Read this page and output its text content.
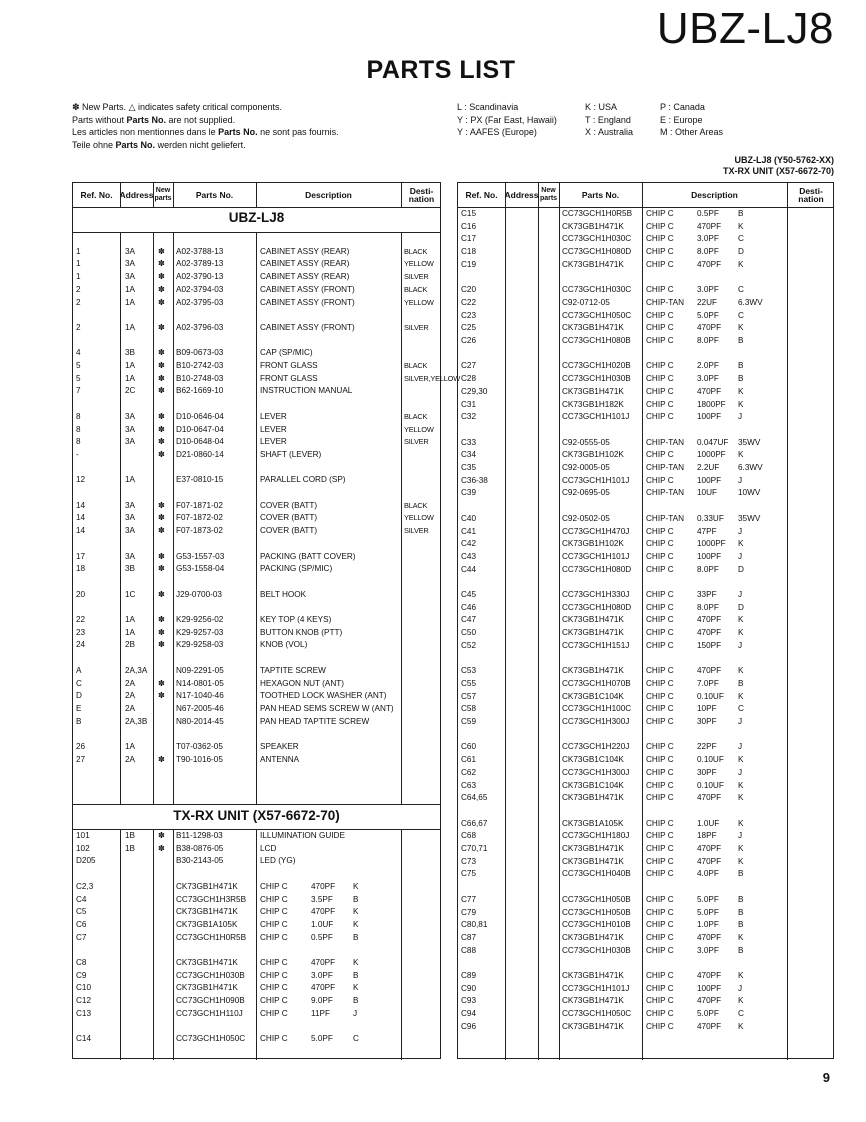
UBZ-LJ8
PARTS LIST
✽ New Parts. △ indicates safety critical components.
Parts without Parts No. are not supplied.
Les articles non mentionnes dans le Parts No. ne sont pas fournis.
Teile ohne Parts No. werden nicht geliefert.
L : Scandinavia
Y : PX (Far East, Hawaii)
Y : AAFES (Europe)
K : USA
T : England
X : Australia
P : Canada
E : Europe
M : Other Areas
UBZ-LJ8 (Y50-5762-XX)
TX-RX UNIT (X57-6672-70)
Ref. No. Address New parts	Parts No.	Description	Desti- nation
UBZ-LJ8
1	3A	✽ A02-3788-13	CABINET ASSY (REAR)	BLACK
1	3A	✽ A02-3789-13	CABINET ASSY (REAR)	YELLOW
1	3A	✽ A02-3790-13	CABINET ASSY (REAR)	SILVER
2	1A	✽ A02-3794-03	CABINET ASSY (FRONT)	BLACK
2	1A	✽ A02-3795-03	CABINET ASSY (FRONT)	YELLOW
2	1A	✽ A02-3796-03	CABINET ASSY (FRONT)	SILVER
4	3B	✽ B09-0673-03	CAP (SP/MIC)
5	1A	✽ B10-2742-03	FRONT GLASS	BLACK
5	1A	✽ B10-2748-03	FRONT GLASS	SILVER,YELLOW
7	2C	✽ B62-1669-10	INSTRUCTION MANUAL
8	3A	✽ D10-0646-04	LEVER	BLACK
8	3A	✽ D10-0647-04	LEVER	YELLOW
8	3A	✽ D10-0648-04	LEVER	SILVER
-	✽ D21-0860-14	SHAFT (LEVER)
12	1A	E37-0810-15	PARALLEL CORD (SP)
14	3A	✽ F07-1871-02	COVER (BATT)	BLACK
14	3A	✽ F07-1872-02	COVER (BATT)	YELLOW
14	3A	✽ F07-1873-02	COVER (BATT)	SILVER
17	3A	✽ G53-1557-03	PACKING (BATT COVER)
18	3B	✽ G53-1558-04	PACKING (SP/MIC)
20	1C	✽ J29-0700-03	BELT HOOK
22	1A	✽ K29-9256-02	KEY TOP (4 KEYS)
23	1A	✽ K29-9257-03	BUTTON KNOB (PTT)
24	2B	✽ K29-9258-03	KNOB (VOL)
A	2A,3A	N09-2291-05	TAPTITE SCREW
C	2A	✽ N14-0801-05	HEXAGON NUT (ANT)
D	2A	✽ N17-1040-46	TOOTHED LOCK WASHER (ANT)
E	2A	N67-2005-46	PAN HEAD SEMS SCREW W (ANT)
B	2A,3B	N80-2014-45	PAN HEAD TAPTITE SCREW
26	1A	T07-0362-05	SPEAKER
27	2A	✽ T90-1016-05	ANTENNA
TX-RX UNIT (X57-6672-70)
101	1B	✽ B11-1298-03	ILLUMINATION GUIDE
102	1B	✽ B38-0876-05	LCD
D205	B30-2143-05	LED (YG)
C2,3	CK73GB1H471K	CHIP C	470PF K
C4	CC73GCH1H3R5B CHIP C	3.5PF B
C5	CK73GB1H471K	CHIP C	470PF K
C6	CK73GB1A105K	CHIP C	1.0UF K
C7	CC73GCH1H0R5B CHIP C	0.5PF B
C8	CK73GB1H471K	CHIP C	470PF K
C9	CC73GCH1H030B CHIP C	3.0PF B
C10	CK73GB1H471K	CHIP C	470PF K
C12	CC73GCH1H090B CHIP C	9.0PF B
C13	CC73GCH1H110J CHIP C	11PF	J
C14	CC73GCH1H050C CHIP C	5.0PF C
Ref. No. Address New parts	Parts No.	Description	Desti- nation
C15	CC73GCH1H0R5B CHIP C	0.5PF B
C16	CK73GB1H471K	CHIP C	470PF K
C17	CC73GCH1H030C CHIP C	3.0PF C
C18	CC73GCH1H080D CHIP C	8.0PF D
C19	CK73GB1H471K	CHIP C	470PF K
C20	CC73GCH1H030C CHIP C	3.0PF C
C22	C92-0712-05	CHIP-TAN 22UF	6.3WV
C23	CC73GCH1H050C CHIP C	5.0PF C
C25	CK73GB1H471K	CHIP C	470PF K
C26	CC73GCH1H080B CHIP C	8.0PF B
C27	CC73GCH1H020B CHIP C	2.0PF B
C28	CC73GCH1H030B CHIP C	3.0PF B
C29,30	CK73GB1H471K	CHIP C	470PF K
C31	CK73GB1H182K	CHIP C	1800PF K
C32	CC73GCH1H101J CHIP C	100PF J
C33	C92-0555-05	CHIP-TAN 0.047UF 35WV
C34	CK73GB1H102K	CHIP C	1000PF K
C35	C92-0005-05	CHIP-TAN 2.2UF 6.3WV
C36-38	CC73GCH1H101J CHIP C	100PF J
C39	C92-0695-05	CHIP-TAN 10UF	10WV
C40	C92-0502-05	CHIP-TAN 0.33UF 35WV
C41	CC73GCH1H470J CHIP C	47PF	J
C42	CK73GB1H102K	CHIP C	1000PF K
C43	CC73GCH1H101J CHIP C	100PF J
C44	CC73GCH1H080D CHIP C	8.0PF D
C45	CC73GCH1H330J CHIP C	33PF	J
C46	CC73GCH1H080D CHIP C	8.0PF D
C47	CK73GB1H471K	CHIP C	470PF K
C50	CK73GB1H471K	CHIP C	470PF K
C52	CC73GCH1H151J CHIP C	150PF J
C53	CK73GB1H471K	CHIP C	470PF K
C55	CC73GCH1H070B CHIP C	7.0PF B
C57	CK73GB1C104K	CHIP C	0.10UF K
C58	CC73GCH1H100C CHIP C	10PF	C
C59	CC73GCH1H300J CHIP C	30PF	J
C60	CC73GCH1H220J CHIP C	22PF	J
C61	CK73GB1C104K	CHIP C	0.10UF K
C62	CC73GCH1H300J CHIP C	30PF	J
C63	CK73GB1C104K	CHIP C	0.10UF K
C64,65	CK73GB1H471K	CHIP C	470PF K
C66,67	CK73GB1A105K	CHIP C	1.0UF K
C68	CC73GCH1H180J CHIP C	18PF	J
C70,71	CK73GB1H471K	CHIP C	470PF K
C73	CK73GB1H471K	CHIP C	470PF K
C75	CC73GCH1H040B CHIP C	4.0PF B
C77	CC73GCH1H050B CHIP C	5.0PF B
C79	CC73GCH1H050B CHIP C	5.0PF B
C80,81	CC73GCH1H010B CHIP C	1.0PF B
C87	CK73GB1H471K	CHIP C	470PF K
C88	CC73GCH1H030B CHIP C	3.0PF B
C89	CK73GB1H471K	CHIP C	470PF K
C90	CC73GCH1H101J CHIP C	100PF J
C93	CK73GB1H471K	CHIP C	470PF K
C94	CC73GCH1H050C CHIP C	5.0PF C
C96	CK73GB1H471K	CHIP C	470PF K
9
